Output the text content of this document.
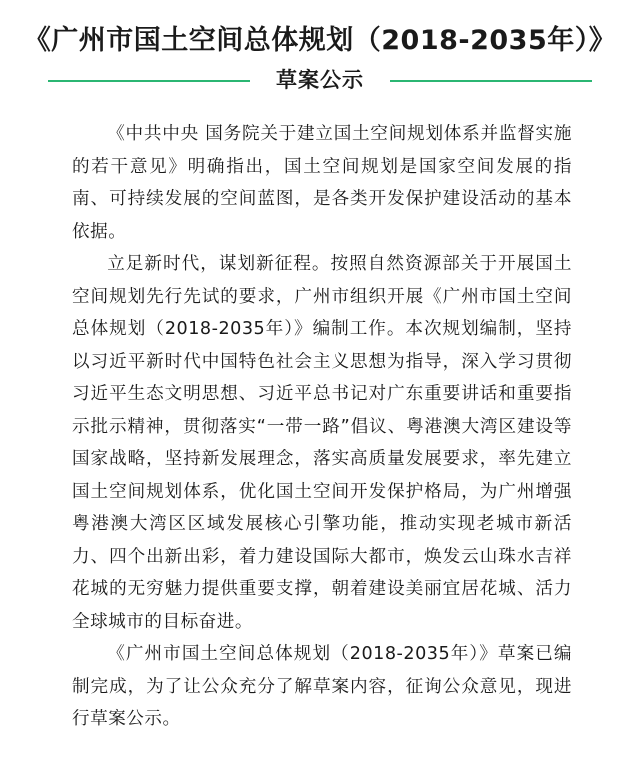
《广州市国土空间总体规划（2018-2035年）》
草案公示

《中共中央 国务院关于建立国土空间规划体系并监督实施的若干意见》明确指出，国土空间规划是国家空间发展的指南、可持续发展的空间蓝图，是各类开发保护建设活动的基本依据。

立足新时代，谋划新征程。按照自然资源部关于开展国土空间规划先行先试的要求，广州市组织开展《广州市国土空间总体规划（2018-2035年）》编制工作。本次规划编制，坚持以习近平新时代中国特色社会主义思想为指导，深入学习贯彻习近平生态文明思想、习近平总书记对广东重要讲话和重要指示批示精神，贯彻落实“一带一路”倡议、粤港澳大湾区建设等国家战略，坚持新发展理念，落实高质量发展要求，率先建立国土空间规划体系，优化国土空间开发保护格局，为广州增强粤港澳大湾区区域发展核心引擎功能，推动实现老城市新活力、四个出新出彩，着力建设国际大都市，焕发云山珠水吉祥花城的无穷魅力提供重要支撑，朝着建设美丽宜居花城、活力全球城市的目标奋进。

《广州市国土空间总体规划（2018-2035年）》草案已编制完成，为了让公众充分了解草案内容，征询公众意见，现进行草案公示。
